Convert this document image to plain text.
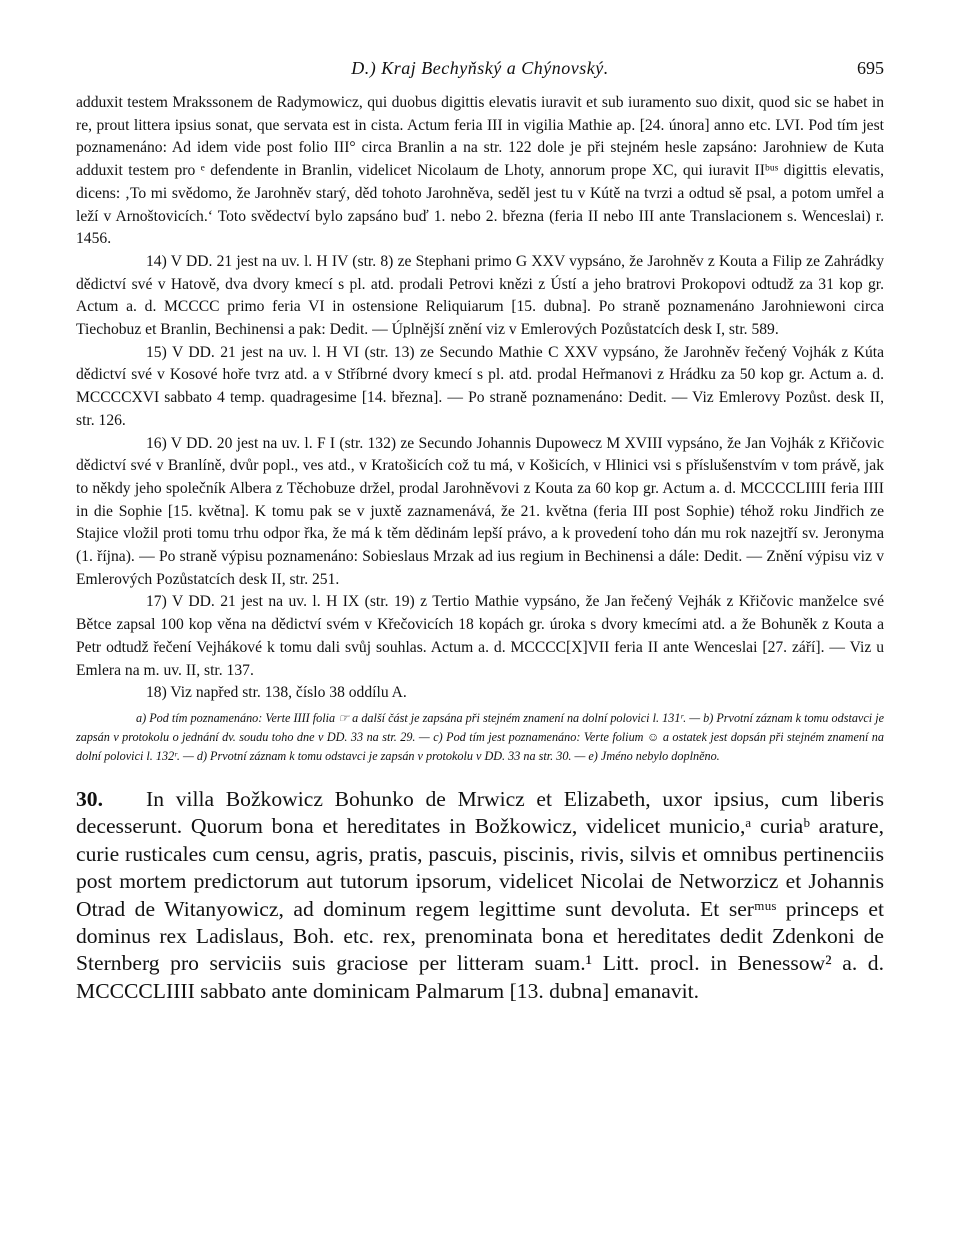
D.) Kraj Bechyňský a Chýnovský.	695

adduxit testem Mrakssonem de Radymowicz, qui duobus digittis elevatis iuravit et sub iuramento suo dixit, quod sic se habet in re, prout littera ipsius sonat, que servata est in cista. Actum feria III in vigilia Mathie ap. [24. února] anno etc. LVI. Pod tím jest poznamenáno: Ad idem vide post folio III° circa Branlin a na str. 122 dole je při stejném hesle zapsáno: Jarohniew de Kuta adduxit testem pro ᵉ defendente in Branlin, videlicet Nicolaum de Lhoty, annorum prope XC, qui iuravit IIᵇᵘˢ digittis elevatis, dicens: ‚To mi svědomo, že Jarohněv starý, děd tohoto Jarohněva, seděl jest tu v Kútě na tvrzi a odtud sě psal, a potom umřel a leží v Arnoštovicích.‘ Toto svědectví bylo zapsáno buď 1. nebo 2. března (feria II nebo III ante Translacionem s. Wenceslai) r. 1456.

14) V DD. 21 jest na uv. l. H IV (str. 8) ze Stephani primo G XXV vypsáno, že Jarohněv z Kouta a Filip ze Zahrádky dědictví své v Hatově, dva dvory kmecí s pl. atd. prodali Petrovi knězi z Ústí a jeho bratrovi Prokopovi odtudž za 31 kop gr. Actum a. d. MCCCC primo feria VI in ostensione Reliquiarum [15. dubna]. Po straně poznamenáno Jarohniewoni circa Tiechobuz et Branlin, Bechinensi a pak: Dedit. — Úplnější znění viz v Emlerových Pozůstatcích desk I, str. 589.

15) V DD. 21 jest na uv. l. H VI (str. 13) ze Secundo Mathie C XXV vypsáno, že Jarohněv řečený Vojhák z Kúta dědictví své v Kosové hoře tvrz atd. a v Stříbrné dvory kmecí s pl. atd. prodal Heřmanovi z Hrádku za 50 kop gr. Actum a. d. MCCCCXVI sabbato 4 temp. quadragesime [14. března]. — Po straně poznamenáno: Dedit. — Viz Emlerovy Pozůst. desk II, str. 126.

16) V DD. 20 jest na uv. l. F I (str. 132) ze Secundo Johannis Dupowecz M XVIII vypsáno, že Jan Vojhák z Křičovic dědictví své v Branlíně, dvůr popl., ves atd., v Kratošicích což tu má, v Košicích, v Hlinici vsi s příslušenstvím v tom právě, jak to někdy jeho společník Albera z Těchobuze držel, prodal Jarohněvovi z Kouta za 60 kop gr. Actum a. d. MCCCCLIIII feria IIII in die Sophie [15. května]. K tomu pak se v juxtě zaznamenává, že 21. května (feria III post Sophie) téhož roku Jindřich ze Stajice vložil proti tomu trhu odpor řka, že má k těm dědinám lepší právo, a k provedení toho dán mu rok nazejtří sv. Jeronyma (1. října). — Po straně výpisu poznamenáno: Sobieslaus Mrzak ad ius regium in Bechinensi a dále: Dedit. — Znění výpisu viz v Emlerových Pozůstatcích desk II, str. 251.

17) V DD. 21 jest na uv. l. H IX (str. 19) z Tertio Mathie vypsáno, že Jan řečený Vejhák z Křičovic manželce své Bětce zapsal 100 kop věna na dědictví svém v Křečovicích 18 kopách gr. úroka s dvory kmecími atd. a že Bohuněk z Kouta a Petr odtudž řečení Vejhákové k tomu dali svůj souhlas. Actum a. d. MCCCC[X]VII feria II ante Wenceslai [27. září]. — Viz u Emlera na m. uv. II, str. 137.

18) Viz napřed str. 138, číslo 38 oddílu A.

a) Pod tím poznamenáno: Verte IIII folia ☞ a další část je zapsána při stejném znamení na dolní polovici l. 131ʳ. — b) Prvotní záznam k tomu odstavci je zapsán v protokolu o jednání dv. soudu toho dne v DD. 33 na str. 29. — c) Pod tím jest poznamenáno: Verte folium ☺ a ostatek jest dopsán při stejném znamení na dolní polovici l. 132ʳ. — d) Prvotní záznam k tomu odstavci je zapsán v protokolu v DD. 33 na str. 30. — e) Jméno nebylo doplněno.

30. In villa Božkowicz Bohunko de Mrwicz et Elizabeth, uxor ipsius, cum liberis decesserunt. Quorum bona et hereditates in Božkowicz, videlicet municio,ᵃ curiaᵇ arature, curie rusticales cum censu, agris, pratis, pascuis, piscinis, rivis, silvis et omnibus pertinenciis post mortem predictorum aut tutorum ipsorum, videlicet Nicolai de Networzicz et Johannis Otrad de Witanyowicz, ad dominum regem legittime sunt devoluta. Et serᵐᵘˢ princeps et dominus rex Ladislaus, Boh. etc. rex, prenominata bona et hereditates dedit Zdenkoni de Sternberg pro serviciis suis graciose per litteram suam.¹ Litt. procl. in Benessow² a. d. MCCCCLIIII sabbato ante dominicam Palmarum [13. dubna] emanavit.
